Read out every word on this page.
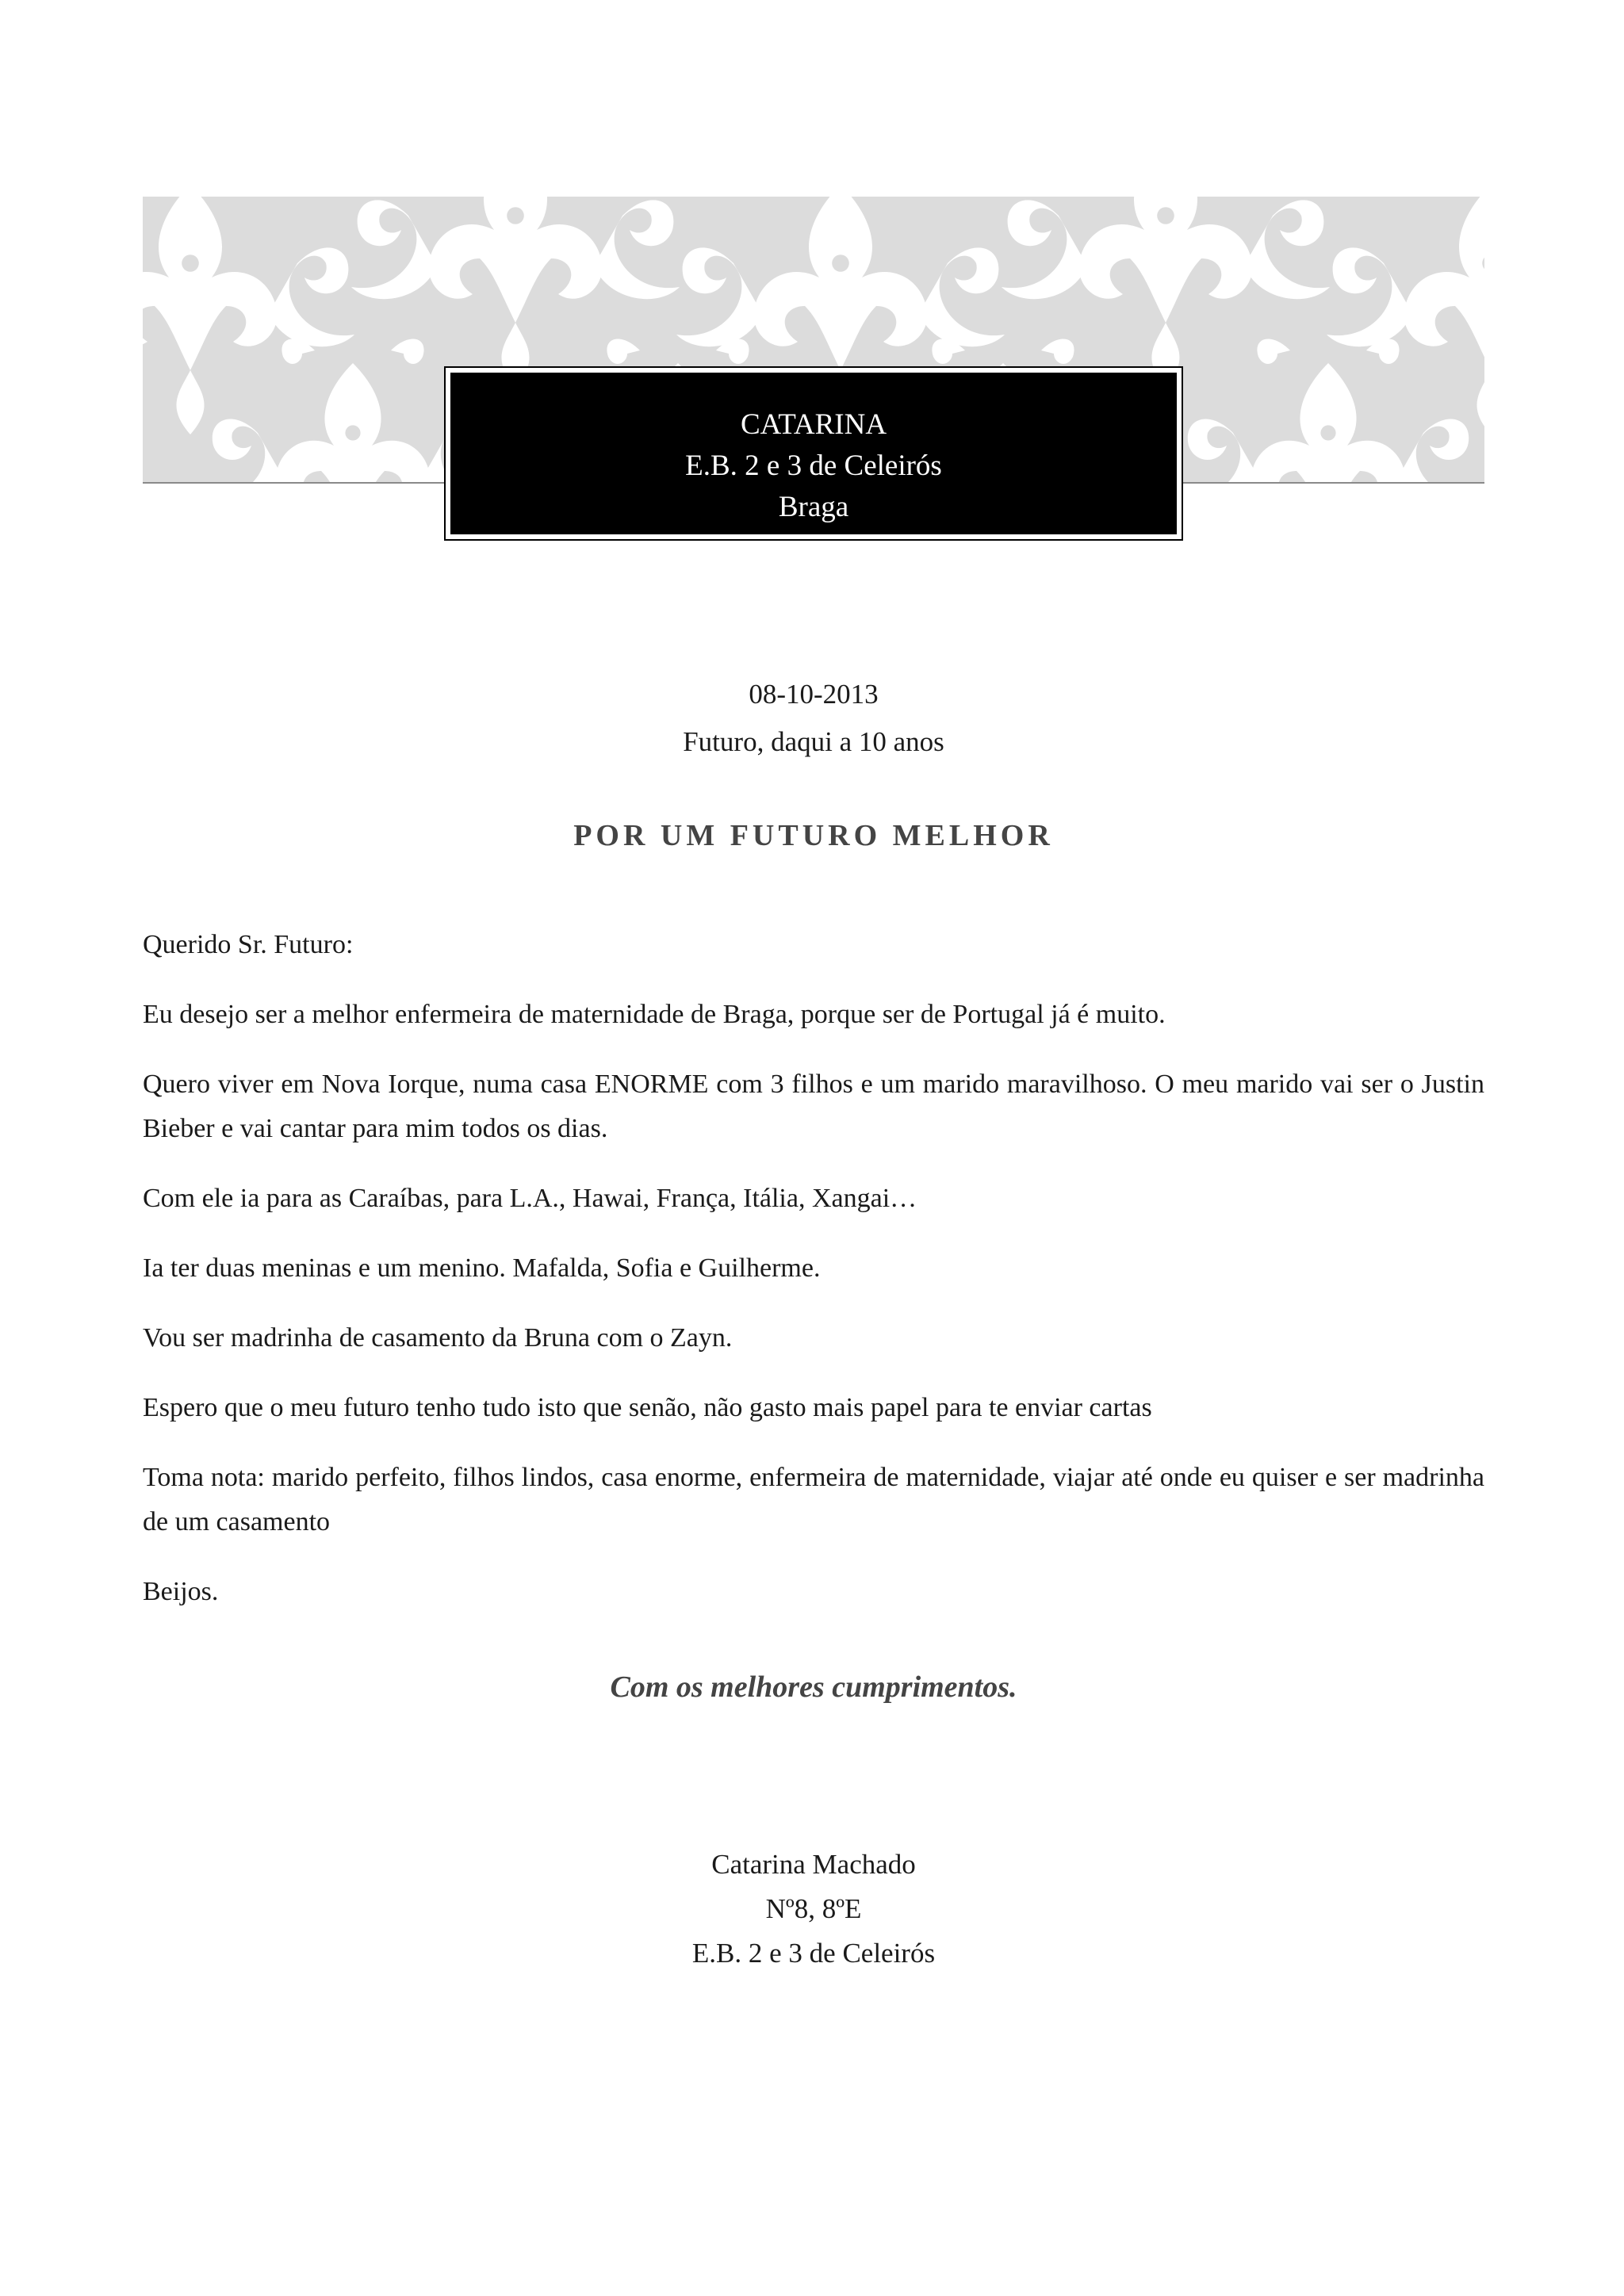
CATARINA
E.B. 2 e 3 de Celeirós
Braga
08-10-2013
Futuro, daqui a 10 anos
POR UM FUTURO MELHOR

Querido Sr. Futuro:

Eu desejo ser a melhor enfermeira de maternidade de Braga, porque ser de Portugal já é muito.

Quero viver em Nova Iorque, numa casa ENORME com 3 filhos e um marido maravilhoso. O meu marido vai ser o Justin Bieber e vai cantar para mim todos os dias.

Com ele ia para as Caraíbas, para L.A., Hawai, França, Itália, Xangai…

Ia ter duas meninas e um menino. Mafalda, Sofia e Guilherme.

Vou ser madrinha de casamento da Bruna com o Zayn.

Espero que o meu futuro tenho tudo isto que senão, não gasto mais papel para te enviar cartas

Toma nota: marido perfeito, filhos lindos, casa enorme, enfermeira de maternidade, viajar até onde eu quiser e ser madrinha de um casamento

Beijos.

Com os melhores cumprimentos.
Catarina Machado
Nº8, 8ºE
E.B. 2 e 3 de Celeirós
